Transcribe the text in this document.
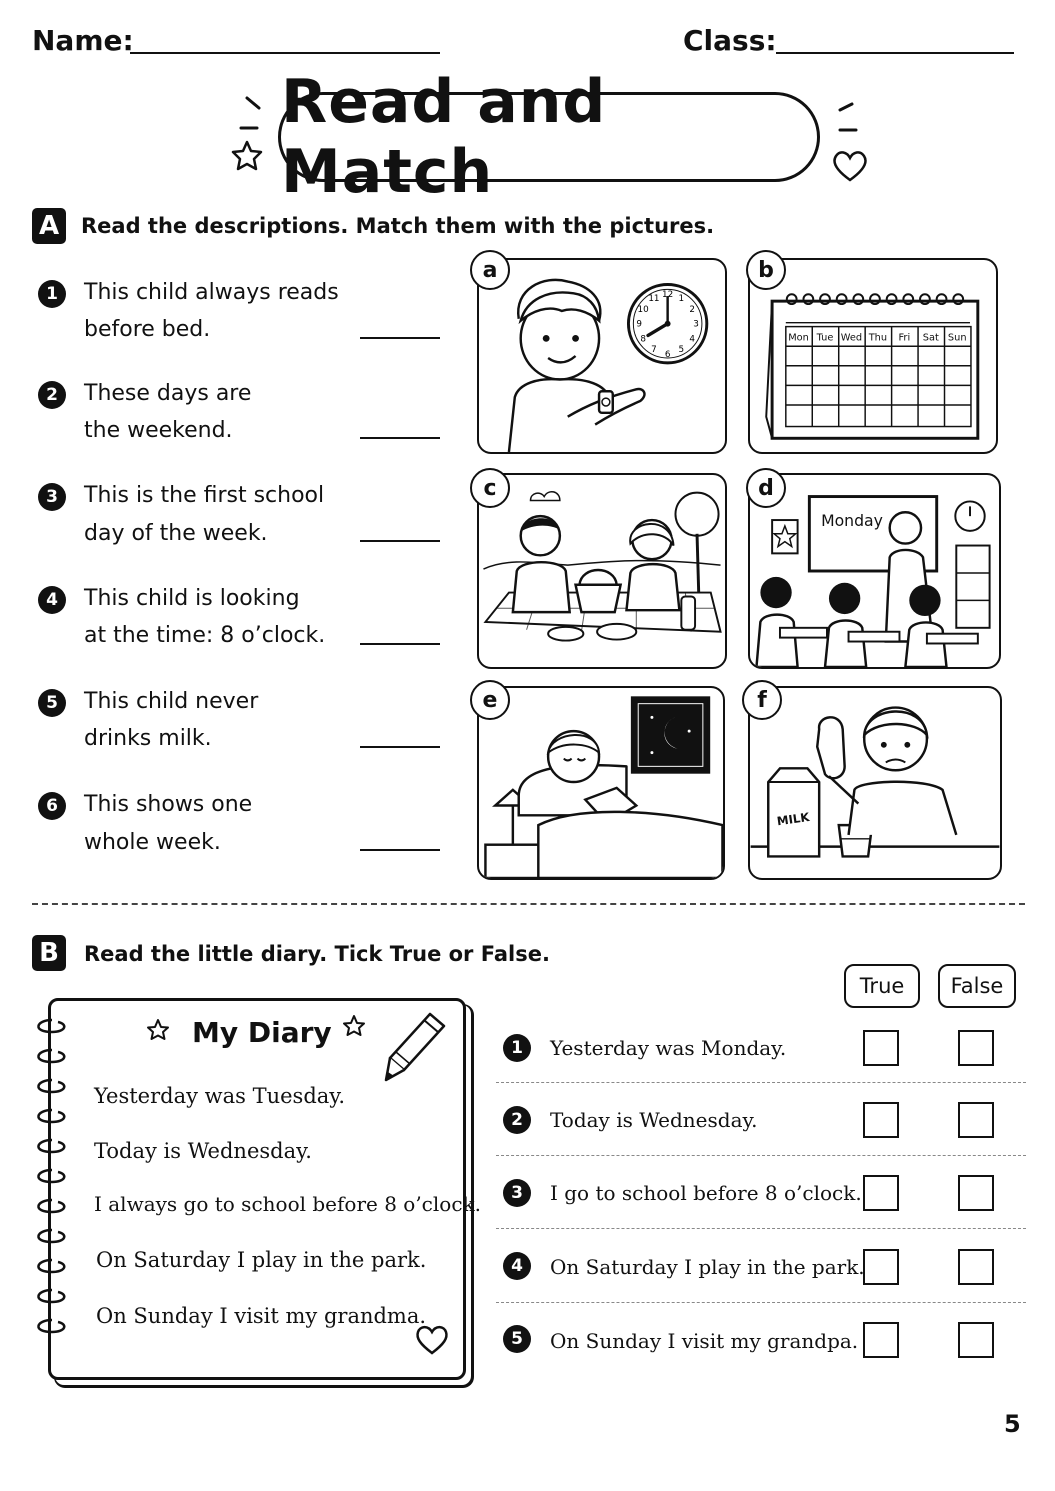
Name:	Class:
Read and Match
A	Read the descriptions. Match them with the pictures.
1	This child always reads
before bed.
2	These days are
the weekend.
3	This is the first school
day of the week.
4	This child is looking
at the time: 8 o’clock.
5	This child never
drinks milk.
6	This shows one
whole week.
12 1
2
3
4
5
6
7
8
9
10
11
a
Mon Tue Wed Thu Fri Sat Sun
b
c
Monday
d
e
MILK
f
B	Read the little diary. Tick True or False.
My Diary
Yesterday was Tuesday.
Today is Wednesday.
I always go to school before 8 o’clock.
On Saturday I play in the park.
On Sunday I visit my grandma.
True	False
1	Yesterday was Monday.
2	Today is Wednesday.
3	I go to school before 8 o’clock.
4	On Saturday I play in the park.
5	On Sunday I visit my grandpa.
5
